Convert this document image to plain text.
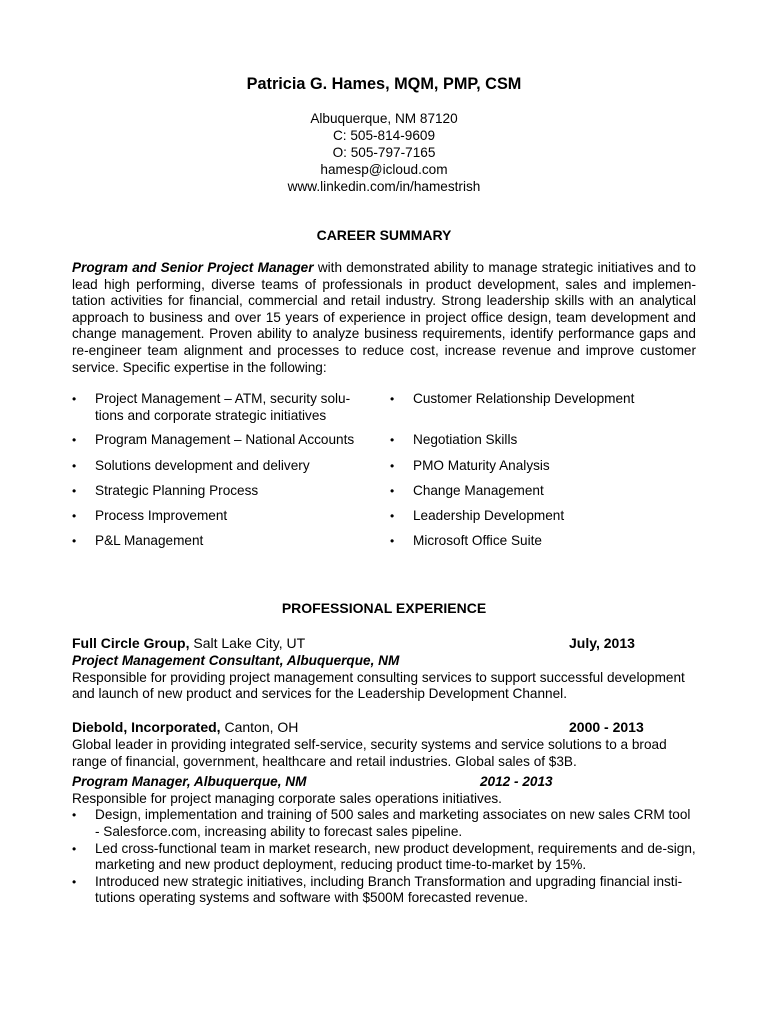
Patricia G. Hames, MQM, PMP, CSM
Albuquerque, NM 87120
C: 505-814-9609
O: 505-797-7165
hamesp@icloud.com
www.linkedin.com/in/hamestrish
CAREER SUMMARY
Program and Senior Project Manager with demonstrated ability to manage strategic initiatives and to lead high performing, diverse teams of professionals in product development, sales and implemen-tation activities for financial, commercial and retail industry. Strong leadership skills with an analytical approach to business and over 15 years of experience in project office design, team development and change management. Proven ability to analyze business requirements, identify performance gaps and re-engineer team alignment and processes to reduce cost, increase revenue and improve customer service. Specific expertise in the following:
• Project Management – ATM, security solu-tions and corporate strategic initiatives
• Program Management – National Accounts
• Solutions development and delivery
• Strategic Planning Process
• Process Improvement
• P&L Management
• Customer Relationship Development
• Negotiation Skills
• PMO Maturity Analysis
• Change Management
• Leadership Development
• Microsoft Office Suite
PROFESSIONAL EXPERIENCE
Full Circle Group, Salt Lake City, UT	July, 2013
Project Management Consultant, Albuquerque, NM
Responsible for providing project management consulting services to support successful development and launch of new product and services for the Leadership Development Channel.
Diebold, Incorporated, Canton, OH	2000 - 2013
Global leader in providing integrated self-service, security systems and service solutions to a broad range of financial, government, healthcare and retail industries. Global sales of $3B.
Program Manager, Albuquerque, NM	2012 - 2013
Responsible for project managing corporate sales operations initiatives.
• Design, implementation and training of 500 sales and marketing associates on new sales CRM tool - Salesforce.com, increasing ability to forecast sales pipeline.
• Led cross-functional team in market research, new product development, requirements and de-sign, marketing and new product deployment, reducing product time-to-market by 15%.
• Introduced new strategic initiatives, including Branch Transformation and upgrading financial insti-tutions operating systems and software with $500M forecasted revenue.
